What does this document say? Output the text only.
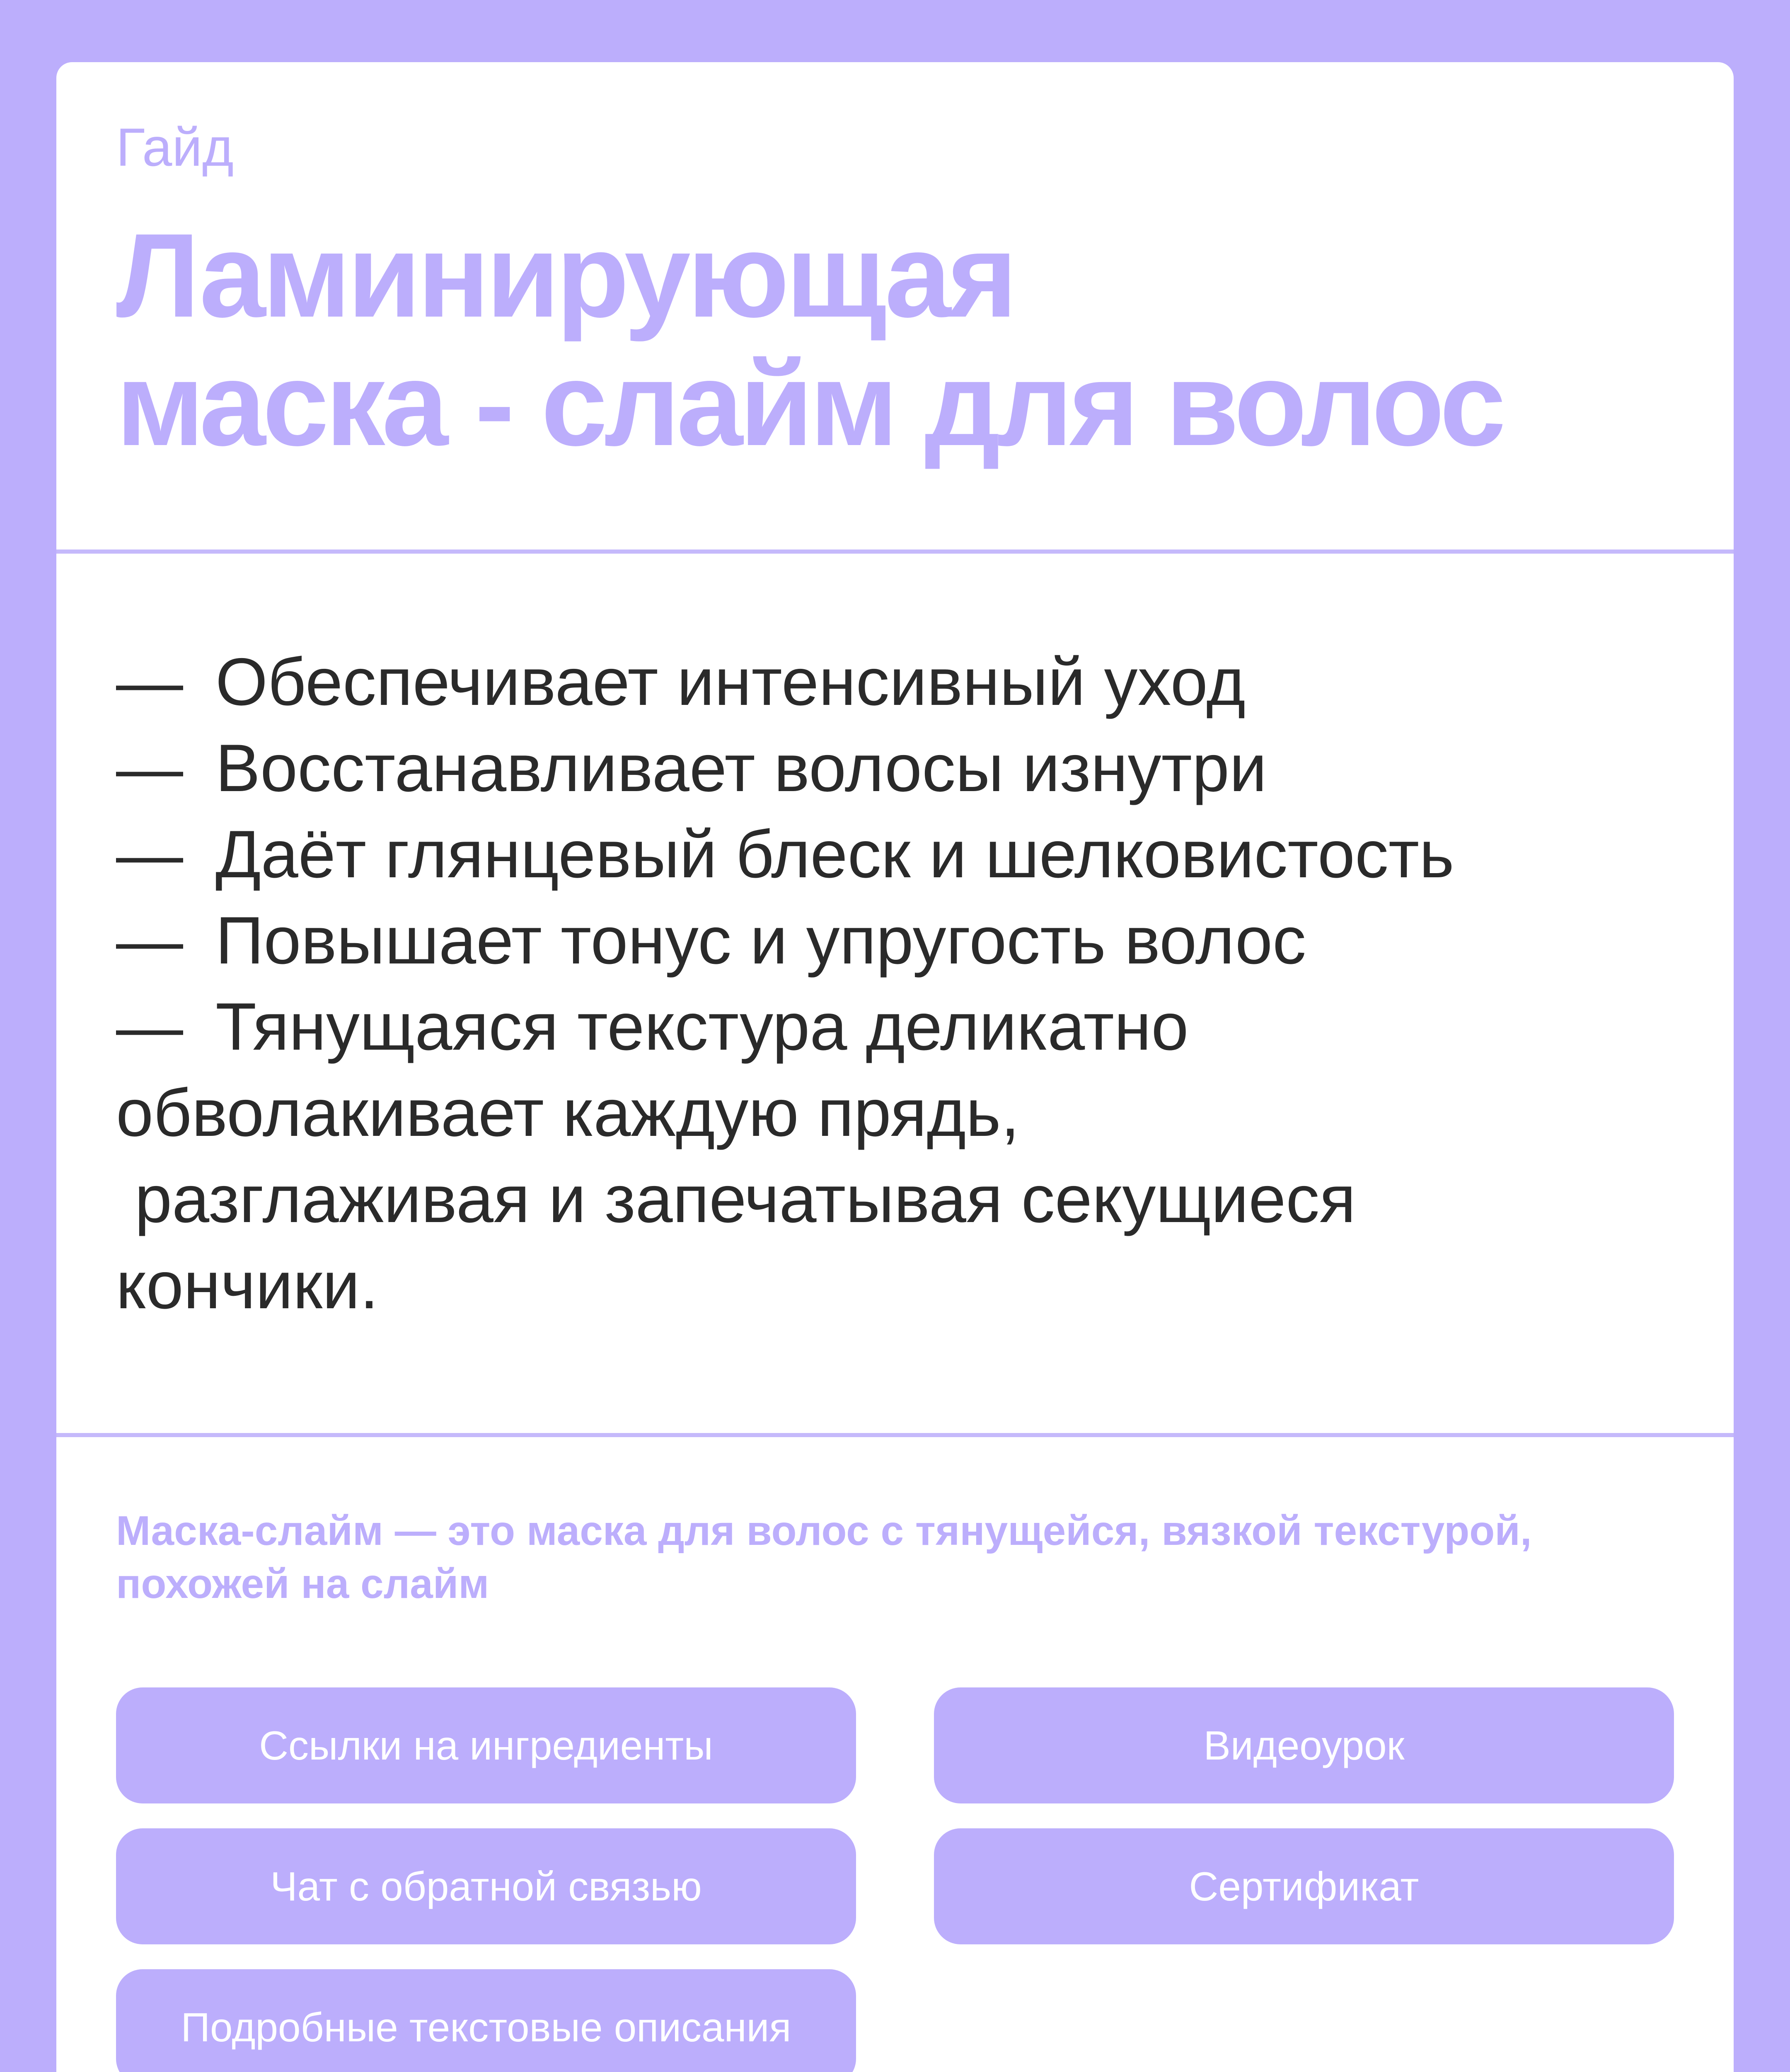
Гайд
Ламинирующая
маска - слайм для волос
— Обеспечивает интенсивный уход
— Восстанавливает волосы изнутри
— Даёт глянцевый блеск и шелковистость
— Повышает тонус и упругость волос
— Тянущаяся текстура деликатно
обволакивает каждую прядь,
разглаживая и запечатывая секущиеся
кончики.
Маска-слайм — это маска для волос с тянущейся, вязкой текстурой,
похожей на слайм
Ссылки на ингредиенты	Видеоурок
Чат с обратной связью	Сертификат
Подробные текстовые описания
